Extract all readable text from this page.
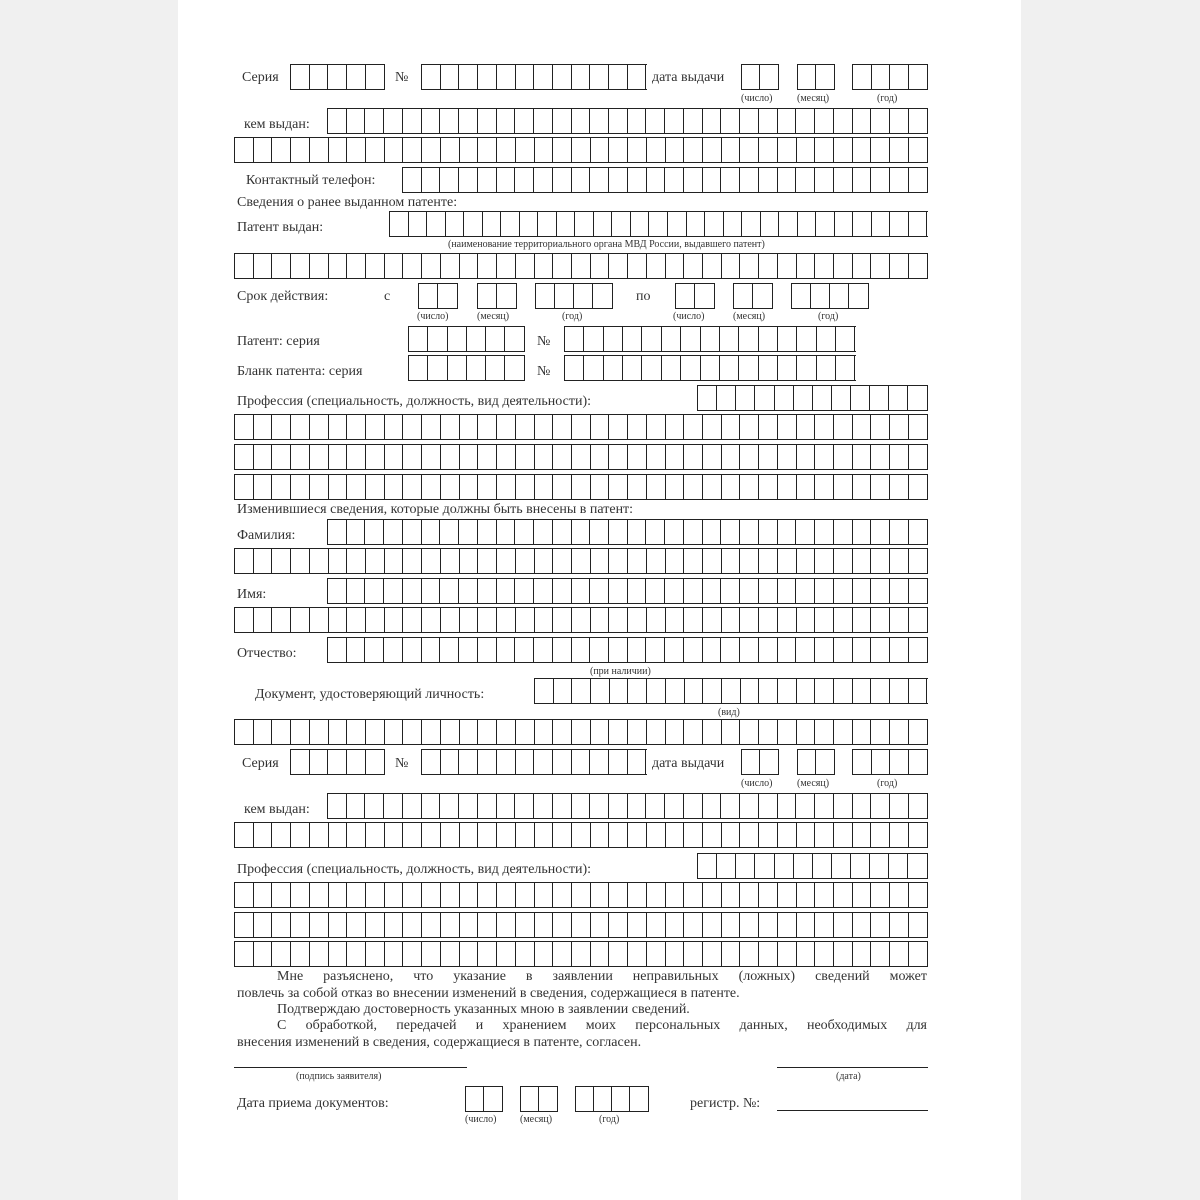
Серия	№	дата выдачи
(число) (месяц)	(год)
кем выдан:
Контактный телефон:
Сведения о ранее выданном патенте:
Патент выдан:
(наименование территориального органа МВД России, выдавшего патент)
Срок действия:	с
(число)	(месяц)	(год)
по
(число)	(месяц)	(год)
Патент: серия	№
Бланк патента: серия	№
Профессия (специальность, должность, вид деятельности):
Изменившиеся сведения, которые должны быть внесены в патент:
Фамилия:
Имя:
Отчество:
(при наличии)
Документ, удостоверяющий личность:
(вид)
Серия	№	дата выдачи
(число) (месяц)	(год)
кем выдан:
Профессия (специальность, должность, вид деятельности):
Мне разъяснено, что указание в заявлении неправильных (ложных) сведений может
повлечь за собой отказ во внесении изменений в сведения, содержащиеся в патенте.
Подтверждаю достоверность указанных мною в заявлении сведений.
С обработкой, передачей и хранением моих персональных данных, необходимых для
внесения изменений в сведения, содержащиеся в патенте, согласен.
(подпись заявителя)	(дата)
Дата приема документов:
(число) (месяц)	(год)
регистр. №:
